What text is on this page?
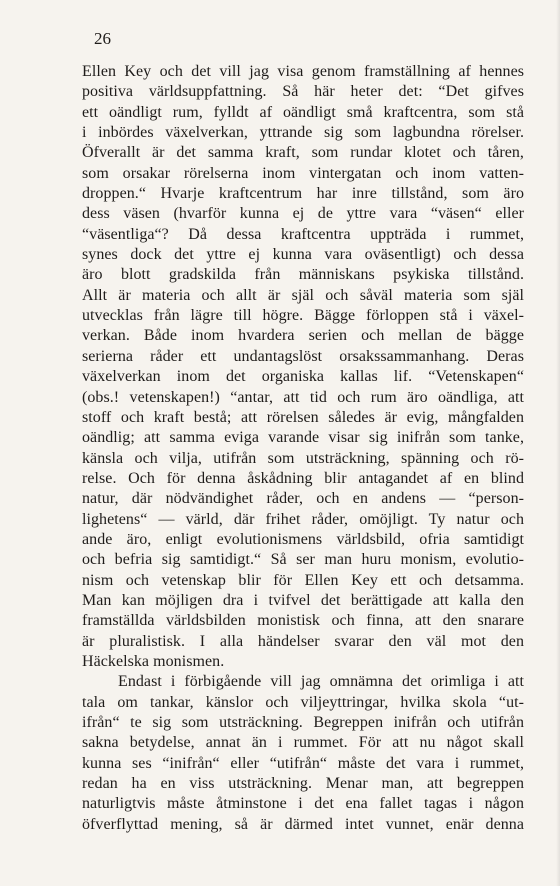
26
Ellen Key och det vill jag visa genom framställning af hennes
positiva världsuppfattning. Så här heter det: “Det gifves
ett oändligt rum, fylldt af oändligt små kraftcentra, som stå
i inbördes växelverkan, yttrande sig som lagbundna rörelser.
Öfverallt är det samma kraft, som rundar klotet och tåren,
som orsakar rörelserna inom vintergatan och inom vatten-
droppen.“ Hvarje kraftcentrum har inre tillstånd, som äro
dess väsen (hvarför kunna ej de yttre vara “väsen“ eller
“väsentliga“? Då dessa kraftcentra uppträda i rummet,
synes dock det yttre ej kunna vara oväsentligt) och dessa
äro blott gradskilda från människans psykiska tillstånd.
Allt är materia och allt är själ och såväl materia som själ
utvecklas från lägre till högre. Bägge förloppen stå i växel-
verkan. Både inom hvardera serien och mellan de bägge
serierna råder ett undantagslöst orsakssammanhang. Deras
växelverkan inom det organiska kallas lif. “Vetenskapen“
(obs.! vetenskapen!) “antar, att tid och rum äro oändliga, att
stoff och kraft bestå; att rörelsen således är evig, mångfalden
oändlig; att samma eviga varande visar sig inifrån som tanke,
känsla och vilja, utifrån som utsträckning, spänning och rö-
relse. Och för denna åskådning blir antagandet af en blind
natur, där nödvändighet råder, och en andens — “person-
lighetens“ — värld, där frihet råder, omöjligt. Ty natur och
ande äro, enligt evolutionismens världsbild, ofria samtidigt
och befria sig samtidigt.“ Så ser man huru monism, evolutio-
nism och vetenskap blir för Ellen Key ett och detsamma.
Man kan möjligen dra i tvifvel det berättigade att kalla den
framställda världsbilden monistisk och finna, att den snarare
är pluralistisk. I alla händelser svarar den väl mot den
Häckelska monismen.
Endast i förbigående vill jag omnämna det orimliga i att
tala om tankar, känslor och viljeyttringar, hvilka skola “ut-
ifrån“ te sig som utsträckning. Begreppen inifrån och utifrån
sakna betydelse, annat än i rummet. För att nu något skall
kunna ses “inifrån“ eller “utifrån“ måste det vara i rummet,
redan ha en viss utsträckning. Menar man, att begreppen
naturligtvis måste åtminstone i det ena fallet tagas i någon
öfverflyttad mening, så är därmed intet vunnet, enär denna
